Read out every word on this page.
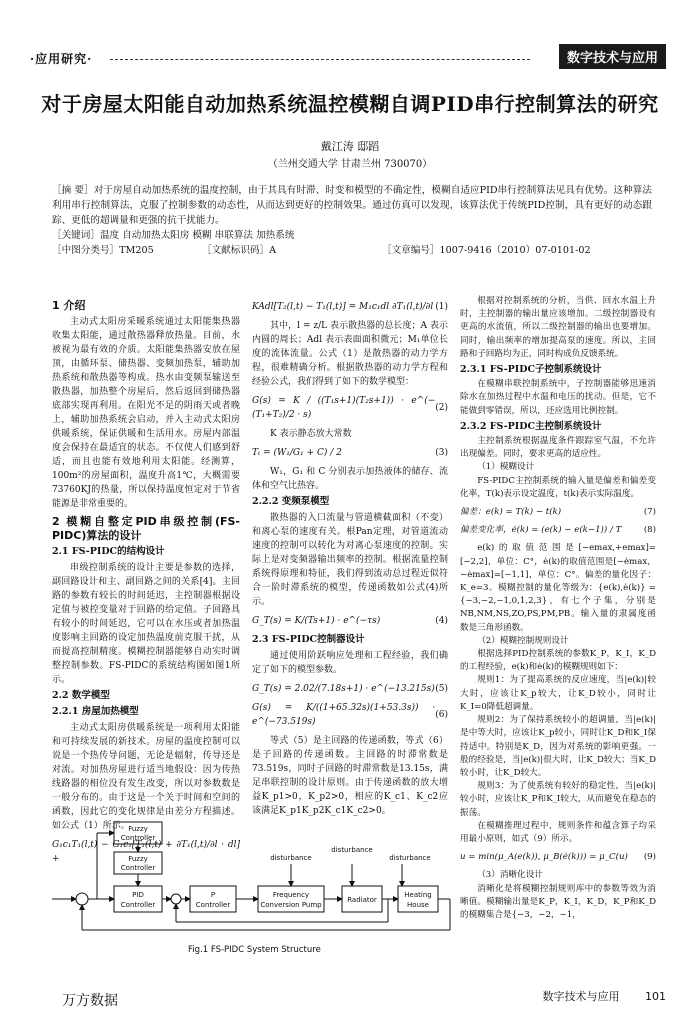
·应用研究·	数字技术与应用
对于房屋太阳能自动加热系统温控模糊自调PID串行控制算法的研究
戴江涛 邸蹈
（兰州交通大学 甘肃兰州 730070）
［摘 要］对于房屋自动加热系统的温度控制，由于其具有时滞、时变和模型的不确定性，模糊自适应PID串行控制算法见具有优势。这种算法利用串行控制算法，克服了控制参数的动态性，从而达到更好的控制效果。通过仿真可以发现，该算法优于传统PID控制，具有更好的动态跟踪、更低的超调量和更强的抗干扰能力。
［关键词］温度 自动加热太阳房 模糊 串联算法 加热系统
［中图分类号］TM205	［文献标识码］A	［文章编号］1007-9416（2010）07-0101-02
1 介绍

主动式太阳房采暖系统通过太阳能集热器收集太阳能，通过散热器释放热量。目前，水被视为最有效的介质。太阳能集热器安放在屋顶，由循环泵、储热器、变频加热泵，辅助加热系统和散热器等构成。热水由变频泵输送至散热器，加热整个房屋后，然后返回到储热器底部实现再利用。在阳光不足的阴雨天或者晚上，辅助加热系统会启动，并入主动式太阳房供暖系统，保证供暖和生活用水。房屋内部温度会保持在最适宜的状态。不仅使人们感到舒适，而且也能有效地利用太阳能。经测算，100m²的房屋面积，温度升高1℃，大概需要73760KJ的热量，所以保持温度恒定对于节省能源是非常重要的。

2 模糊自整定PID串级控制(FS-PIDC)算法的设计
2.1 FS-PIDC的结构设计

串级控制系统的设计主要是参数的选择，副回路设计和主、副回路之间的关系[4]。主回路的参数有较长的时间延迟，主控制器根据设定值与被控变量对于回路的给定值。子回路具有较小的时间延迟，它可以在水压或者加热温度影响主回路的设定加热温度前克服干扰，从而提高控制精度。模糊控制器能够自动实时调整控制参数。FS-PIDC的系统结构图如图1所示。

2.2 数学模型
2.2.1 房屋加热模型

主动式太阳房供暖系统是一项利用太阳能和可持续发展的新技术。房屋的温度控制可以说是一个热传导问题，无论是辐射，传导还是对流。对加热房屋进行适当地假设：因为传热线路器的相位没有发生改变，所以对参数数是一般分布的。由于这是一个关于时间和空间的函数，因此它的变化规律是由差分方程描述。如公式（1）所示。

G₁c₁T₁(l,t) − G₁c₁[T₁(l,t) + ∂T₁(l,t)/∂l · dl] +
KAdl[T₂(l,t) − T₁(l,t)] = M₁c₁dl ∂T₁(l,t)/∂l (1)

其中，l = z/L 表示散热器的总长度；A 表示内圆的周长；Adl 表示表面面积微元；M₁单位长度的流体流量。公式（1）是散热器的动力学方程，很难精确分析。根据散热器的动力学方程和经验公式，我们得到了如下的数学模型：

G(s) = K / ((T₁s+1)(T₂s+1)) · e^(−(T₁+T₂)/2 · s)
(2)

K 表示静态放大常数

Tₜ = (W₁/G₁ + C) / 2	(3)

W₁，G₁ 和 C 分别表示加热液体的储存、流体和空气比热容。

2.2.2 变频泵模型

散热器的入口流量与管道横截面积（不变）和离心泵的速度有关。根Pan定理，对管道流动速度的控制可以转化为对离心泵速度的控制。实际上是对变频器输出频率的控制。根据流量控制系统得原理和特征，我们得到流动总过程近似符合一阶时滞系统的模型，传递函数如公式(4)所示。

G_T(s) = K/(Ts+1) · e^(−τs)	(4)
2.3 FS-PIDC控制器设计

通过使用阶跃响应处理和工程经验，我们确定了如下的模型参数。

G_T(s) = 2.02/(7.18s+1) · e^(−13.215s) (5)
G(s) = K/((1+65.32s)(1+53.3s)) · e^(−73.519s)
(6)

等式（5）是主回路的传递函数，等式（6）是子回路的传递函数。主回路的时滞常数是73.519s，同时子回路的时滞常数是13.15s，满足串联控制的设计原则。由于传递函数的放大增益K_p1>0，K_p2>0，相应的K_c1、K_c2应该满足K_p1K_p2K_c1K_c2>0。

根据对控制系统的分析，当供、回水水温上升时，主控制器的输出量应该增加。二级控制器设有更高的水流值，所以二级控制器的输出也要增加。同时，输出频率的增加提高泵的速度。所以，主回路和子回路均为正，同时构成负反馈系统。

2.3.1 FS-PIDC子控制系统设计

在模糊串联控制系统中，子控制器能够迅速消除水在加热过程中水温和电压的扰动。但是，它不能做到零错误，所以，还应选用比例控制。

2.3.2 FS-PIDC主控制系统设计

主控制系统根据温度条件跟踪室气温，不允许出现偏差。同时，要求更高的适应性。

（1）模糊设计

FS-PIDC主控制系统的输入量是偏差和偏差变化率，T(k)表示设定温度，t(k)表示实际温度。

偏差：e(k) = T(k) − t(k)	(7)
偏差变化率，ė(k) = (e(k) − e(k−1)) / T	(8)

e(k)的取值范围是[−emax,+emax]=[−2,2]，单位：C°，ė(k)的取值范围是[−ėmax，−ėmax]=[−1,1]，单位：C°。偏差的量化因子：K_e=3。模糊控制的量化等级为：{e(k),ė(k)} = {−3,−2,−1,0,1,2,3}，有七个子集，分别是NB,NM,NS,ZO,PS,PM,PB。输入量的隶属度函数是三角形函数。

（2）模糊控制规则设计

根据选择PID控制系统的参数K_P，K_I，K_D的工程经验，e(k)和ė(k)的模糊规则如下：

规则1：为了提高系统的反应速度，当|e(k)|较大时，应该让K_p较大，让K_D较小，同时让K_I=0降低超调量。

规则2：为了保持系统较小的超调量，当|e(k)|是中等大时，应该让K_p较小，同时让K_D和K_I保持适中。特别是K_D，因为对系统的影响更强。一般的经验是，当|e(k)|很大时，让K_D较大；当K_D较小时，让K_D较大。

规则3：为了使系统有较好的稳定性，当|e(k)|较小时，应该让K_P和K_I较大，从而避免在稳态的振荡。

在模糊推理过程中，规则条件和蕴含算子均采用最小原则，如式（9）所示。

u = min(μ_A(e(k)), μ_B(ė(k))) = μ_C(u) (9)

（3）消晰化设计

消晰化是将模糊控制规则库中的参数等效为消晰值。模糊输出量是K_P，K_I，K_D，K_P和K_D的模糊集合是{−3，−2，−1，

Fuzzy
Controller
Fuzzy
Controller
PID
Controller
P
Controller
Frequency
Conversion Pump
Radiator
Heating
House
disturbance
disturbance
disturbance
Fig.1 FS-PIDC System Structure
万方数据	数字技术与应用 101
